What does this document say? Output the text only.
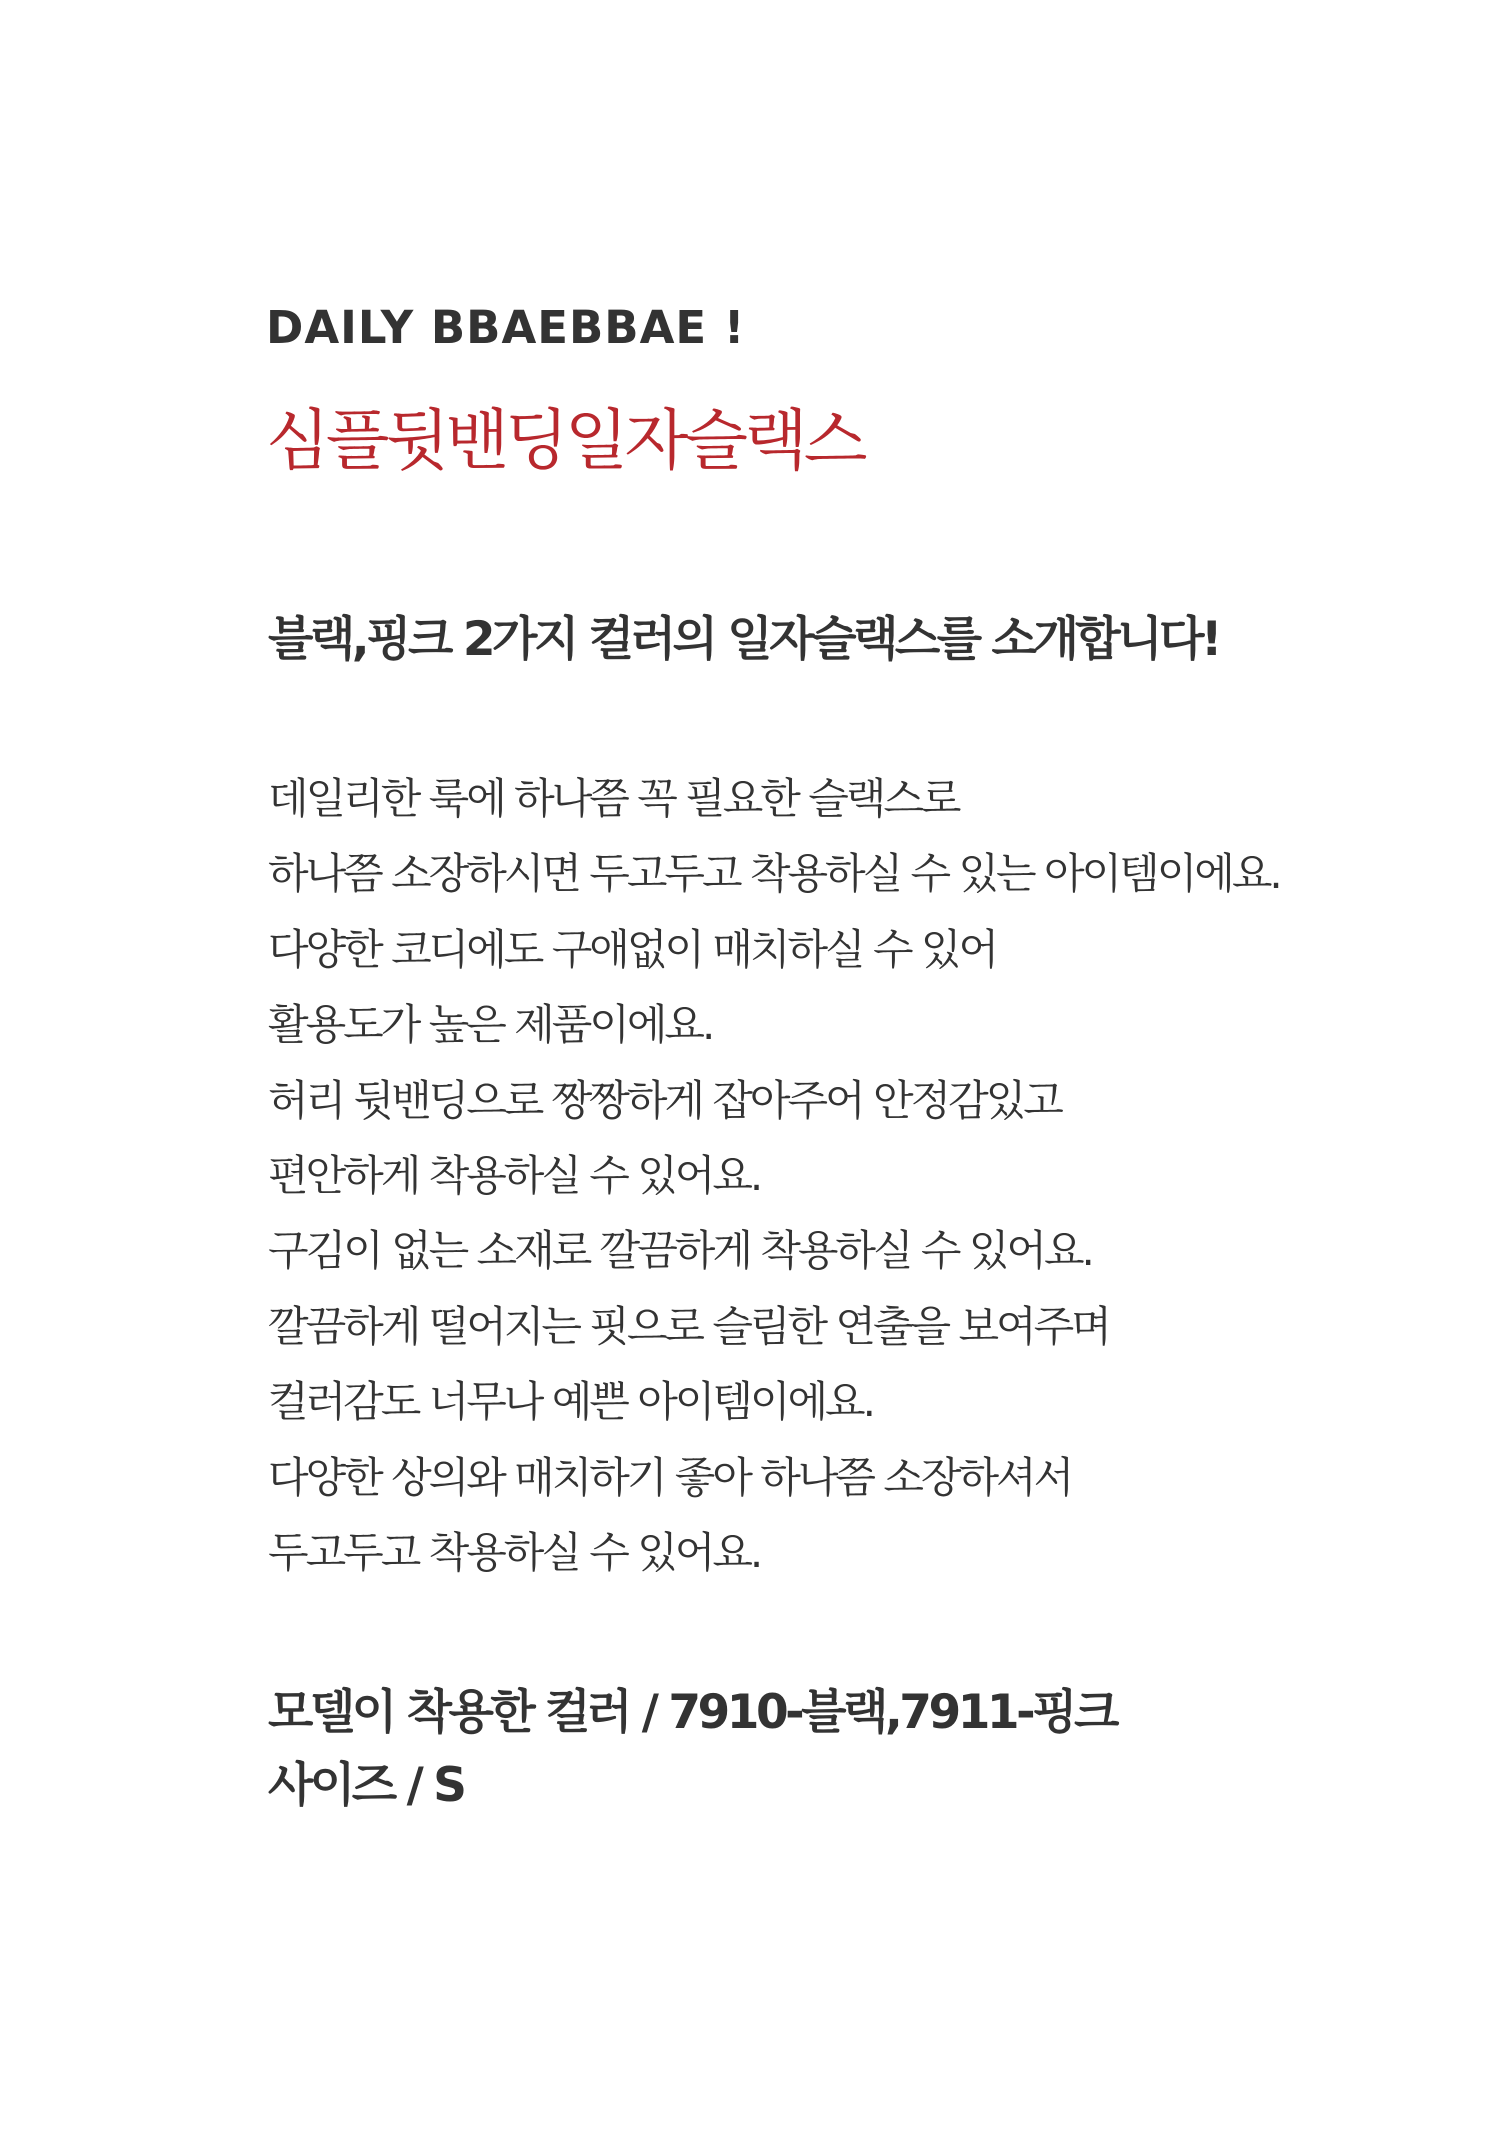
DAILY BBAEBBAE !
심플뒷밴딩일자슬랙스
블랙,핑크 2가지 컬러의 일자슬랙스를 소개합니다!
데일리한 룩에 하나쯤 꼭 필요한 슬랙스로
하나쯤 소장하시면 두고두고 착용하실 수 있는 아이템이에요.
다양한 코디에도 구애없이 매치하실 수 있어
활용도가 높은 제품이에요.
허리 뒷밴딩으로 짱짱하게 잡아주어 안정감있고
편안하게 착용하실 수 있어요.
구김이 없는 소재로 깔끔하게 착용하실 수 있어요.
깔끔하게 떨어지는 핏으로 슬림한 연출을 보여주며
컬러감도 너무나 예쁜 아이템이에요.
다양한 상의와 매치하기 좋아 하나쯤 소장하셔서
두고두고 착용하실 수 있어요.
모델이 착용한 컬러 / 7910-블랙,7911-핑크
사이즈 / S
